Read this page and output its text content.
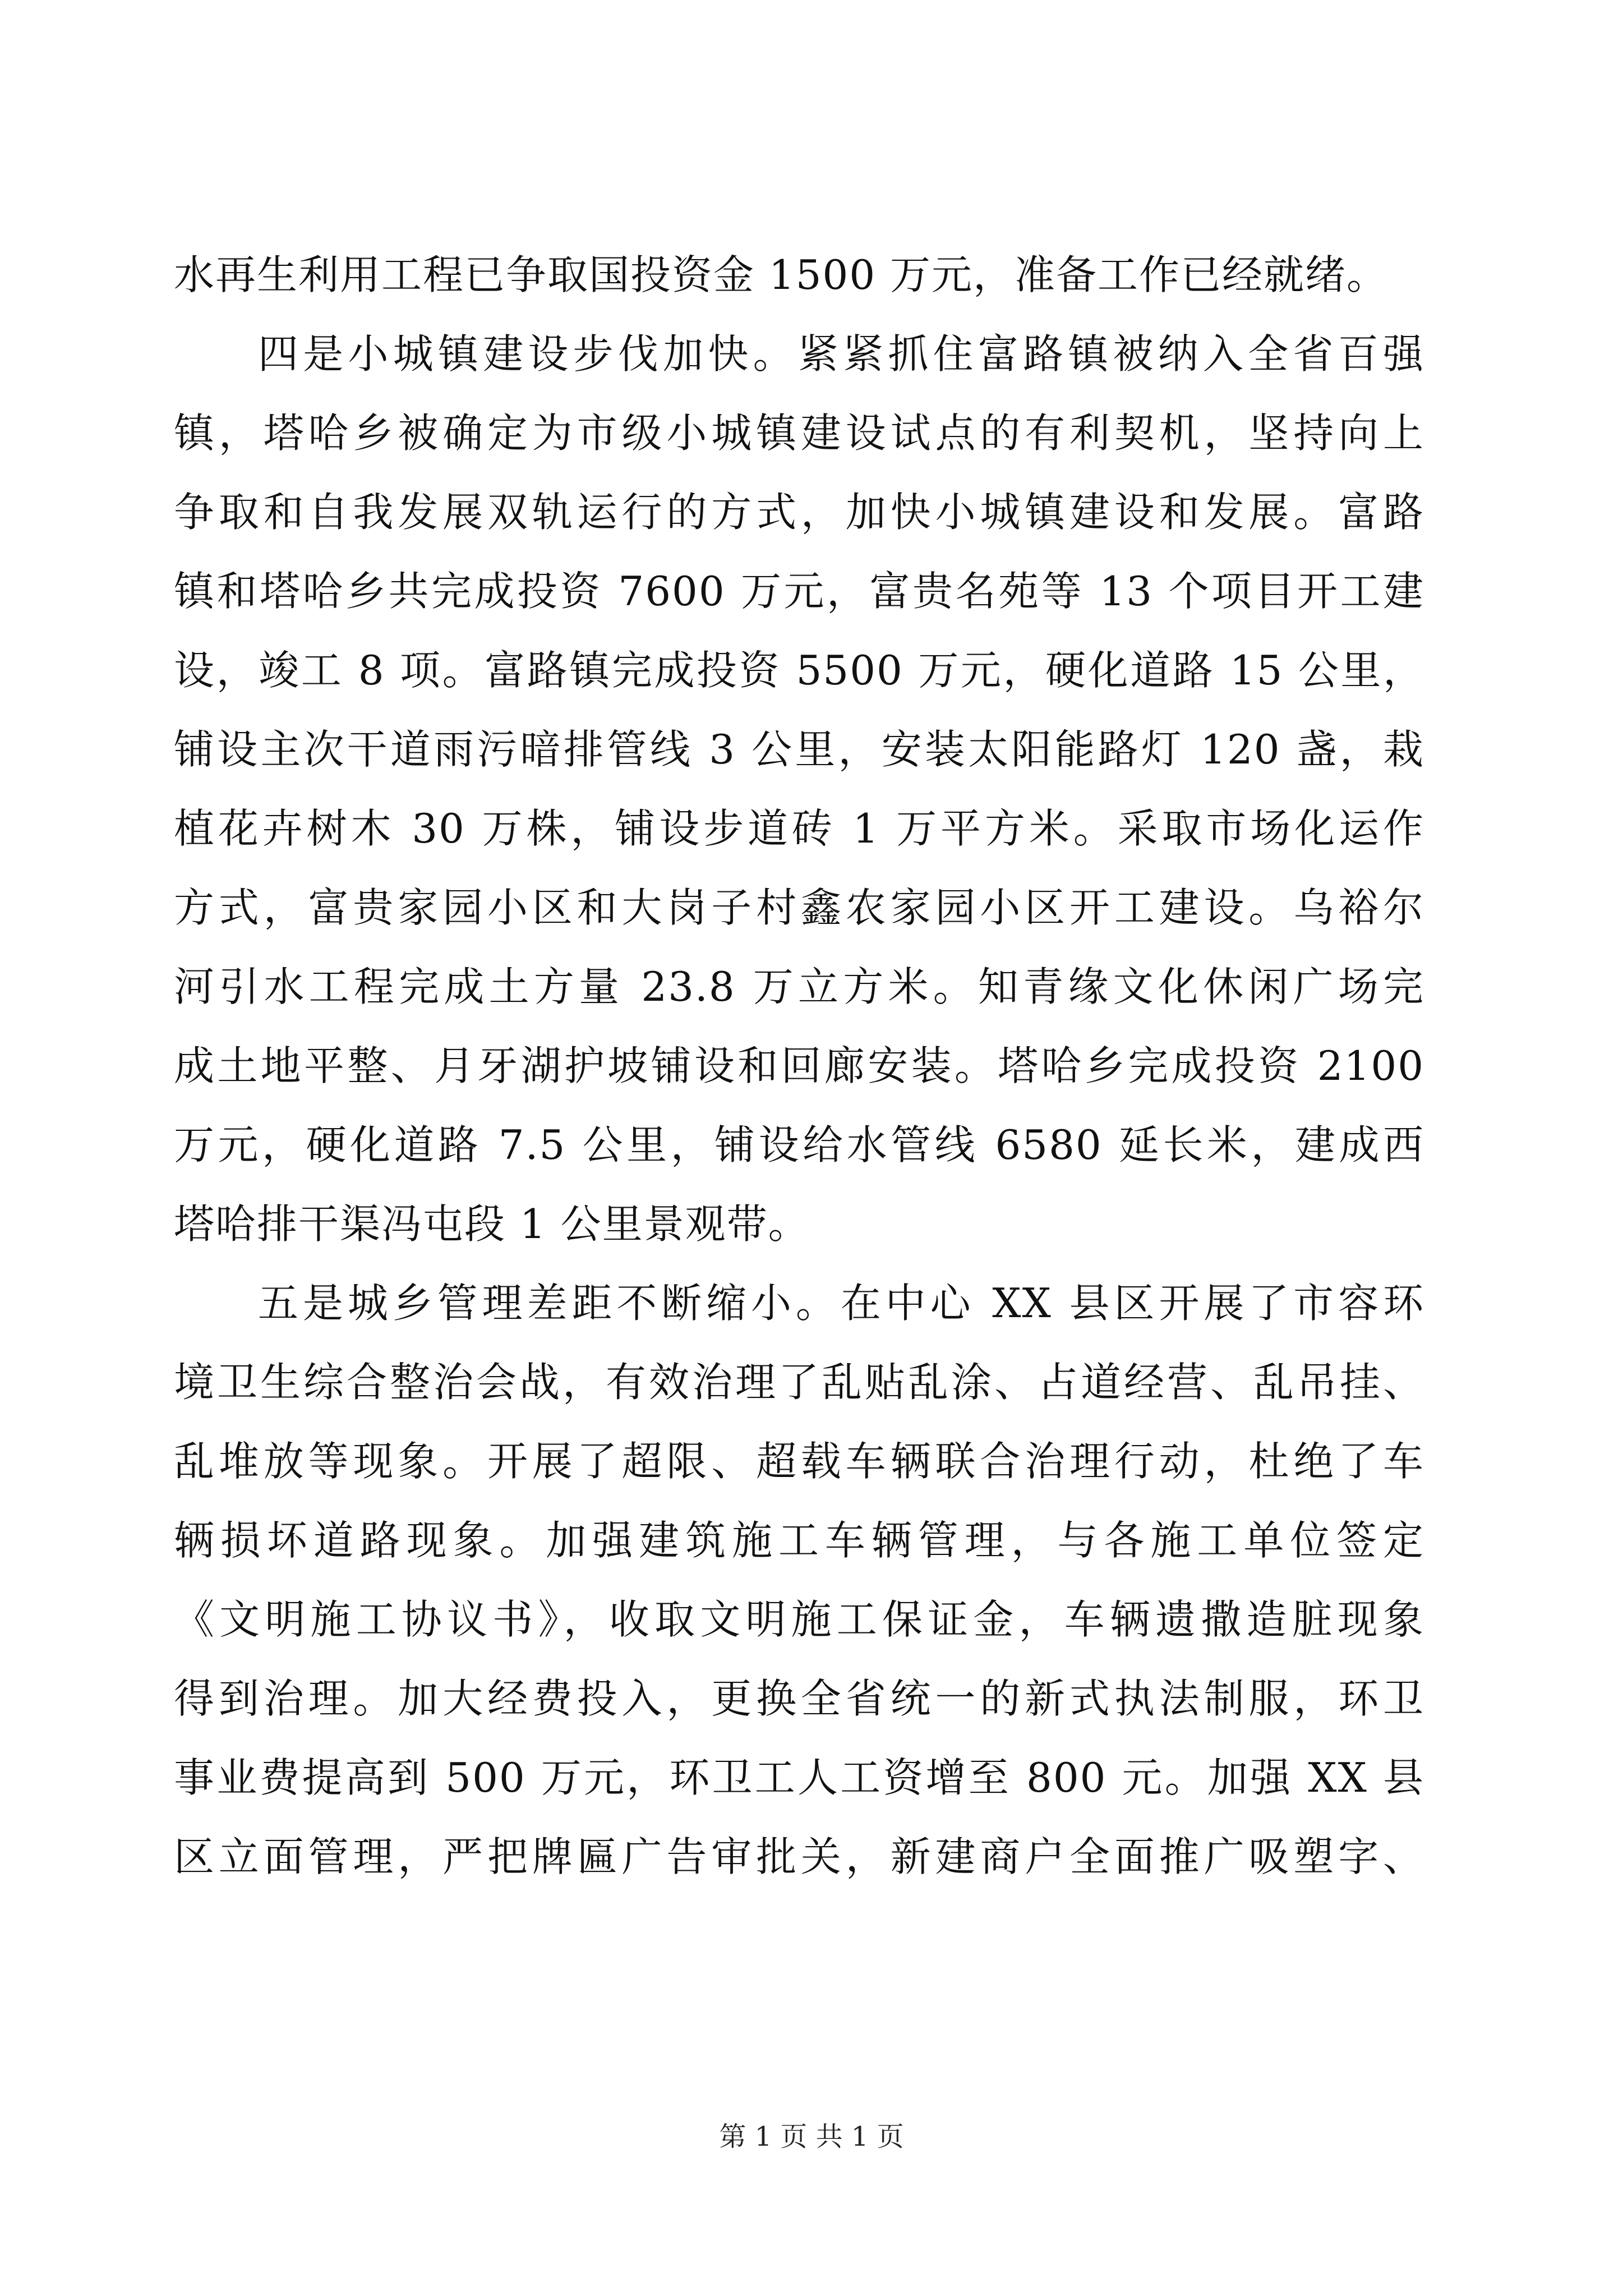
水再生利用工程已争取国投资金 1500 万元，准备工作已经就绪。
四是小城镇建设步伐加快。紧紧抓住富路镇被纳入全省百强
镇，塔哈乡被确定为市级小城镇建设试点的有利契机，坚持向上
争取和自我发展双轨运行的方式，加快小城镇建设和发展。富路
镇和塔哈乡共完成投资 7600 万元，富贵名苑等 13 个项目开工建
设，竣工 8 项。富路镇完成投资 5500 万元，硬化道路 15 公里，
铺设主次干道雨污暗排管线 3 公里，安装太阳能路灯 120 盏，栽
植花卉树木 30 万株，铺设步道砖 1 万平方米。采取市场化运作
方式，富贵家园小区和大岗子村鑫农家园小区开工建设。乌裕尔
河引水工程完成土方量 23.8 万立方米。知青缘文化休闲广场完
成土地平整、月牙湖护坡铺设和回廊安装。塔哈乡完成投资 2100
万元，硬化道路 7.5 公里，铺设给水管线 6580 延长米，建成西
塔哈排干渠冯屯段 1 公里景观带。
五是城乡管理差距不断缩小。在中心 XX 县区开展了市容环
境卫生综合整治会战，有效治理了乱贴乱涂、占道经营、乱吊挂、
乱堆放等现象。开展了超限、超载车辆联合治理行动，杜绝了车
辆损坏道路现象。加强建筑施工车辆管理，与各施工单位签定
《文明施工协议书》，收取文明施工保证金，车辆遗撒造脏现象
得到治理。加大经费投入，更换全省统一的新式执法制服，环卫
事业费提高到 500 万元，环卫工人工资增至 800 元。加强 XX 县
区立面管理，严把牌匾广告审批关，新建商户全面推广吸塑字、
第 1 页 共 1 页
